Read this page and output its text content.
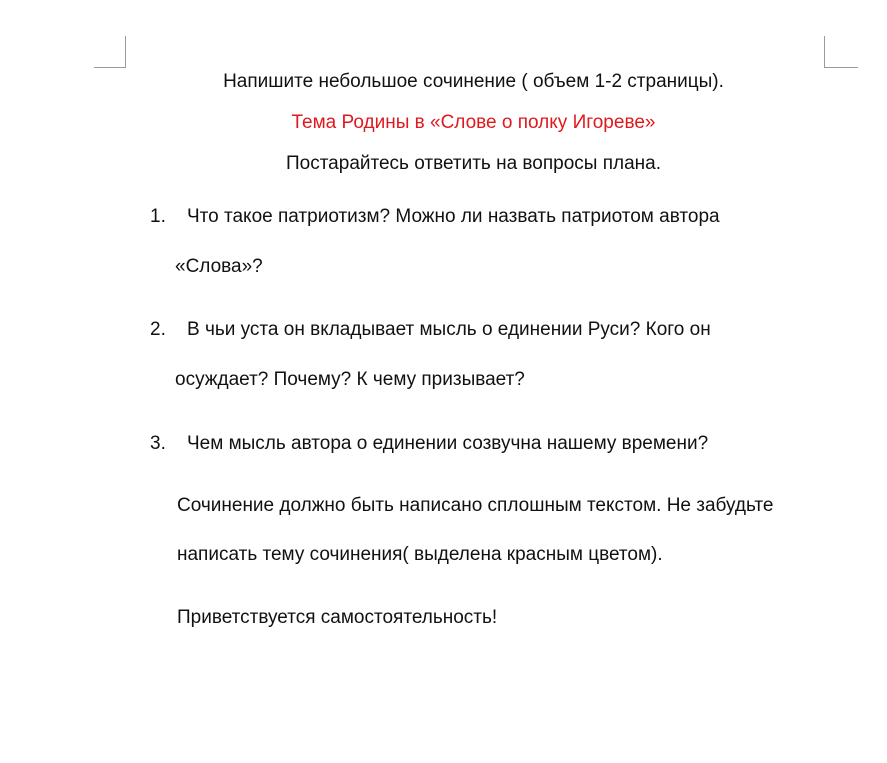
Напишите небольшое сочинение ( объем 1-2 страницы).
Тема Родины в «Слове о полку Игореве»
Постарайтесь ответить на вопросы плана.
1. Что такое патриотизм? Можно ли назвать патриотом автора
«Слова»?
2. В чьи уста он вкладывает мысль о единении Руси? Кого он
осуждает? Почему? К чему призывает?
3. Чем мысль автора о единении созвучна нашему времени?
Сочинение должно быть написано сплошным текстом. Не забудьте
написать тему сочинения( выделена красным цветом).
Приветствуется самостоятельность!
